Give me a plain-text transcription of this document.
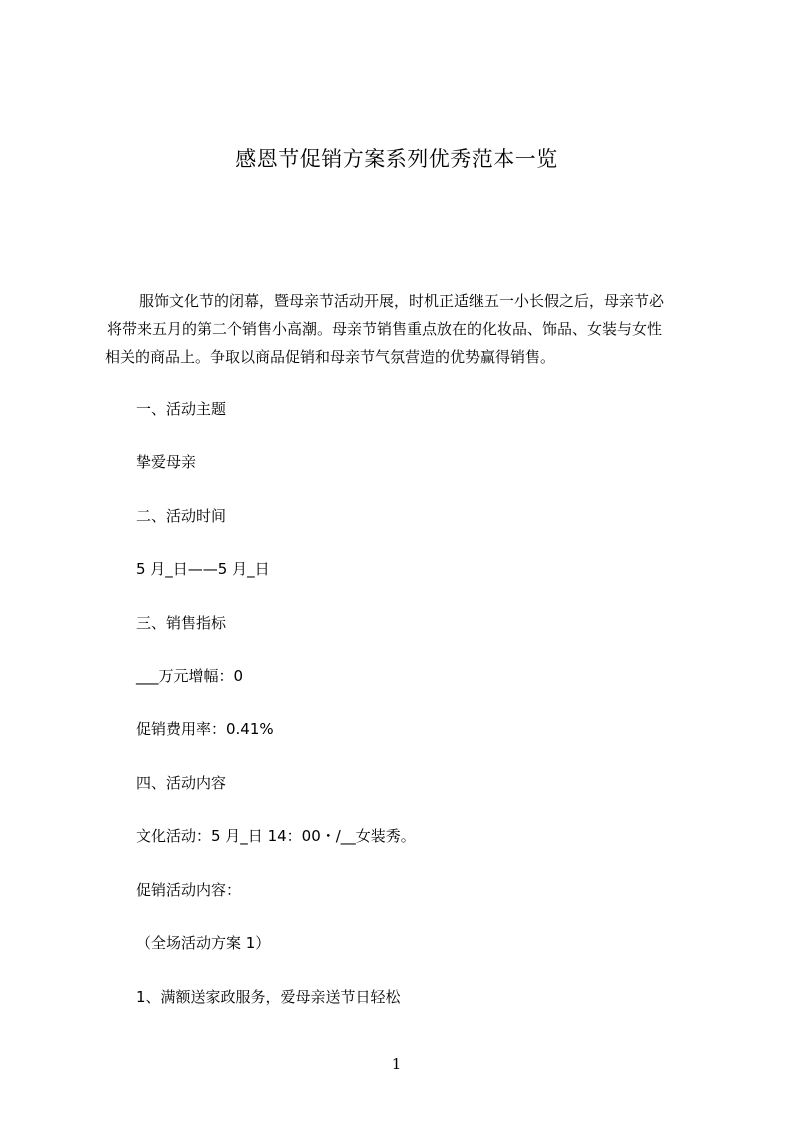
感恩节促销方案系列优秀范本一览
服饰文化节的闭幕，暨母亲节活动开展，时机正适继五一小长假之后，母亲节必
将带来五月的第二个销售小高潮。母亲节销售重点放在的化妆品、饰品、女装与女性
相关的商品上。争取以商品促销和母亲节气氛营造的优势赢得销售。
一、活动主题
挚爱母亲
二、活动时间
5 月_日——5 月_日
三、销售指标
___万元增幅：0
促销费用率：0.41%
四、活动内容
文化活动：5 月_日 14：00・/__女装秀。
促销活动内容：
（全场活动方案 1）
1、满额送家政服务，爱母亲送节日轻松
1
